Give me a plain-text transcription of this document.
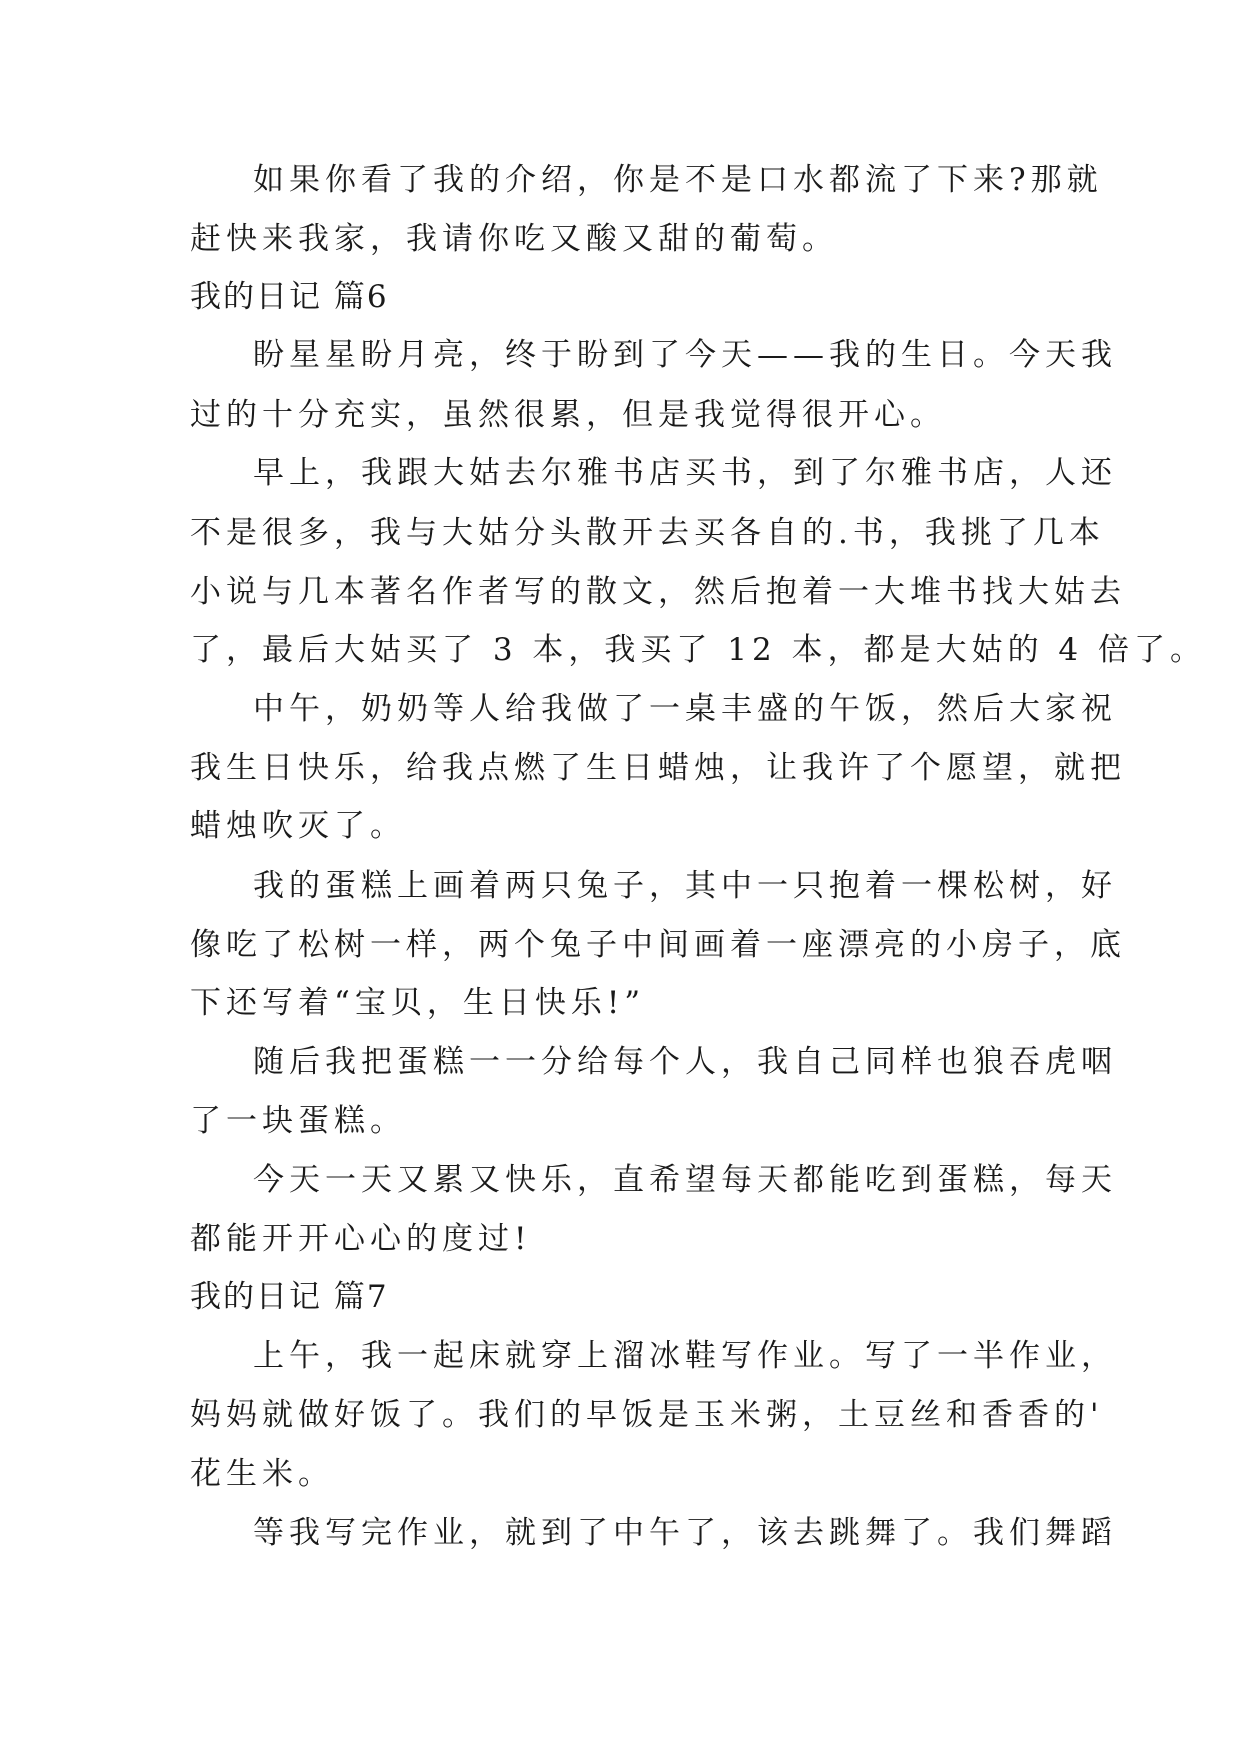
如果你看了我的介绍，你是不是口水都流了下来?那就

赶快来我家，我请你吃又酸又甜的葡萄。

我的日记 篇6

盼星星盼月亮，终于盼到了今天——我的生日。今天我

过的十分充实，虽然很累，但是我觉得很开心。

早上，我跟大姑去尔雅书店买书，到了尔雅书店，人还

不是很多，我与大姑分头散开去买各自的.书，我挑了几本

小说与几本著名作者写的散文，然后抱着一大堆书找大姑去

了，最后大姑买了 3 本，我买了 12 本，都是大姑的 4 倍了。

中午，奶奶等人给我做了一桌丰盛的午饭，然后大家祝

我生日快乐，给我点燃了生日蜡烛，让我许了个愿望，就把

蜡烛吹灭了。

我的蛋糕上画着两只兔子，其中一只抱着一棵松树，好

像吃了松树一样，两个兔子中间画着一座漂亮的小房子，底

下还写着“宝贝，生日快乐!”

随后我把蛋糕一一分给每个人，我自己同样也狼吞虎咽

了一块蛋糕。

今天一天又累又快乐，直希望每天都能吃到蛋糕，每天

都能开开心心的度过!

我的日记 篇7

上午，我一起床就穿上溜冰鞋写作业。写了一半作业，

妈妈就做好饭了。我们的早饭是玉米粥，土豆丝和香香的'

花生米。

等我写完作业，就到了中午了，该去跳舞了。我们舞蹈
